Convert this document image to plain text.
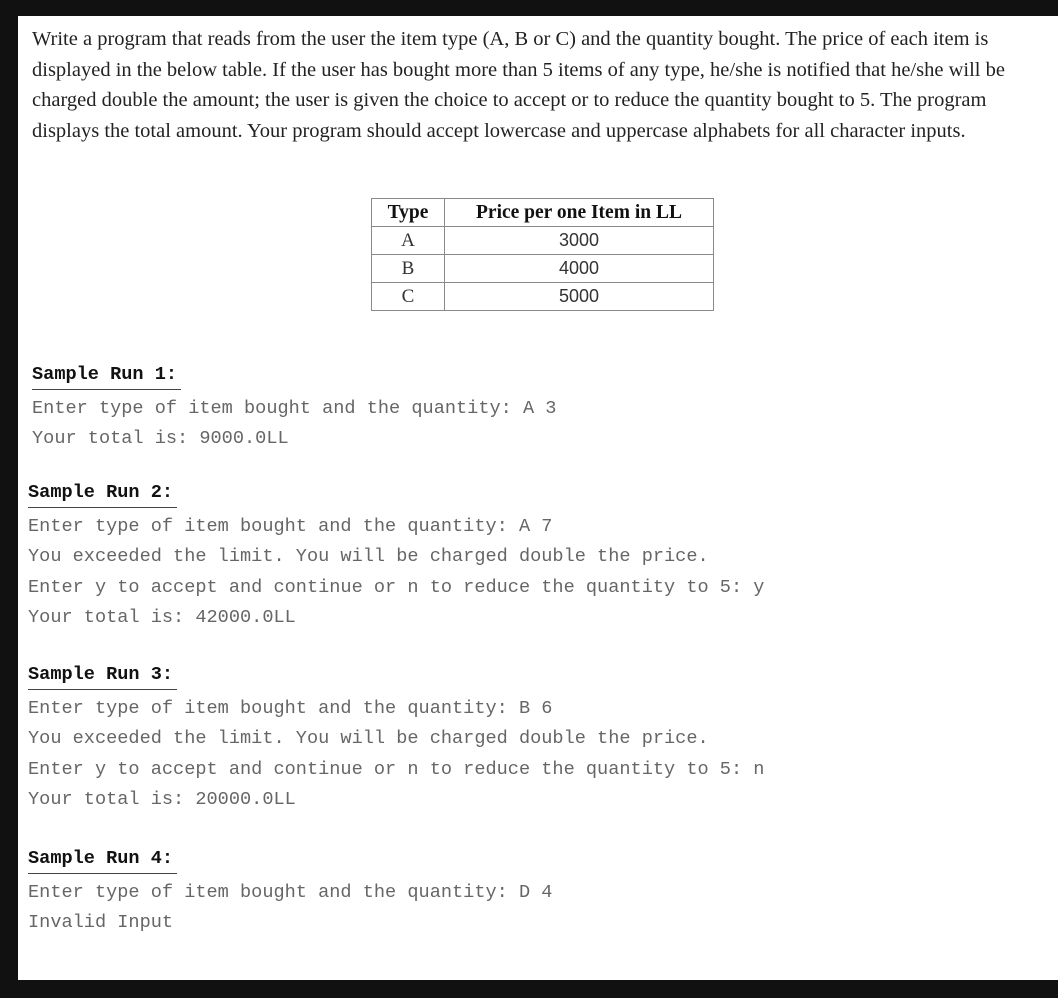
Write a program that reads from the user the item type (A, B or C) and the quantity bought. The price of each item is displayed in the below table. If the user has bought more than 5 items of any type, he/she is notified that he/she will be charged double the amount; the user is given the choice to accept or to reduce the quantity bought to 5. The program displays the total amount. Your program should accept lowercase and uppercase alphabets for all character inputs.

Type	Price per one Item in LL
A	3000
B	4000
C	5000
Sample Run 1:
Enter type of item bought and the quantity: A 3
Your total is: 9000.0LL
Sample Run 2:
Enter type of item bought and the quantity: A 7
You exceeded the limit. You will be charged double the price.
Enter y to accept and continue or n to reduce the quantity to 5: y
Your total is: 42000.0LL
Sample Run 3:
Enter type of item bought and the quantity: B 6
You exceeded the limit. You will be charged double the price.
Enter y to accept and continue or n to reduce the quantity to 5: n
Your total is: 20000.0LL
Sample Run 4:
Enter type of item bought and the quantity: D 4
Invalid Input
